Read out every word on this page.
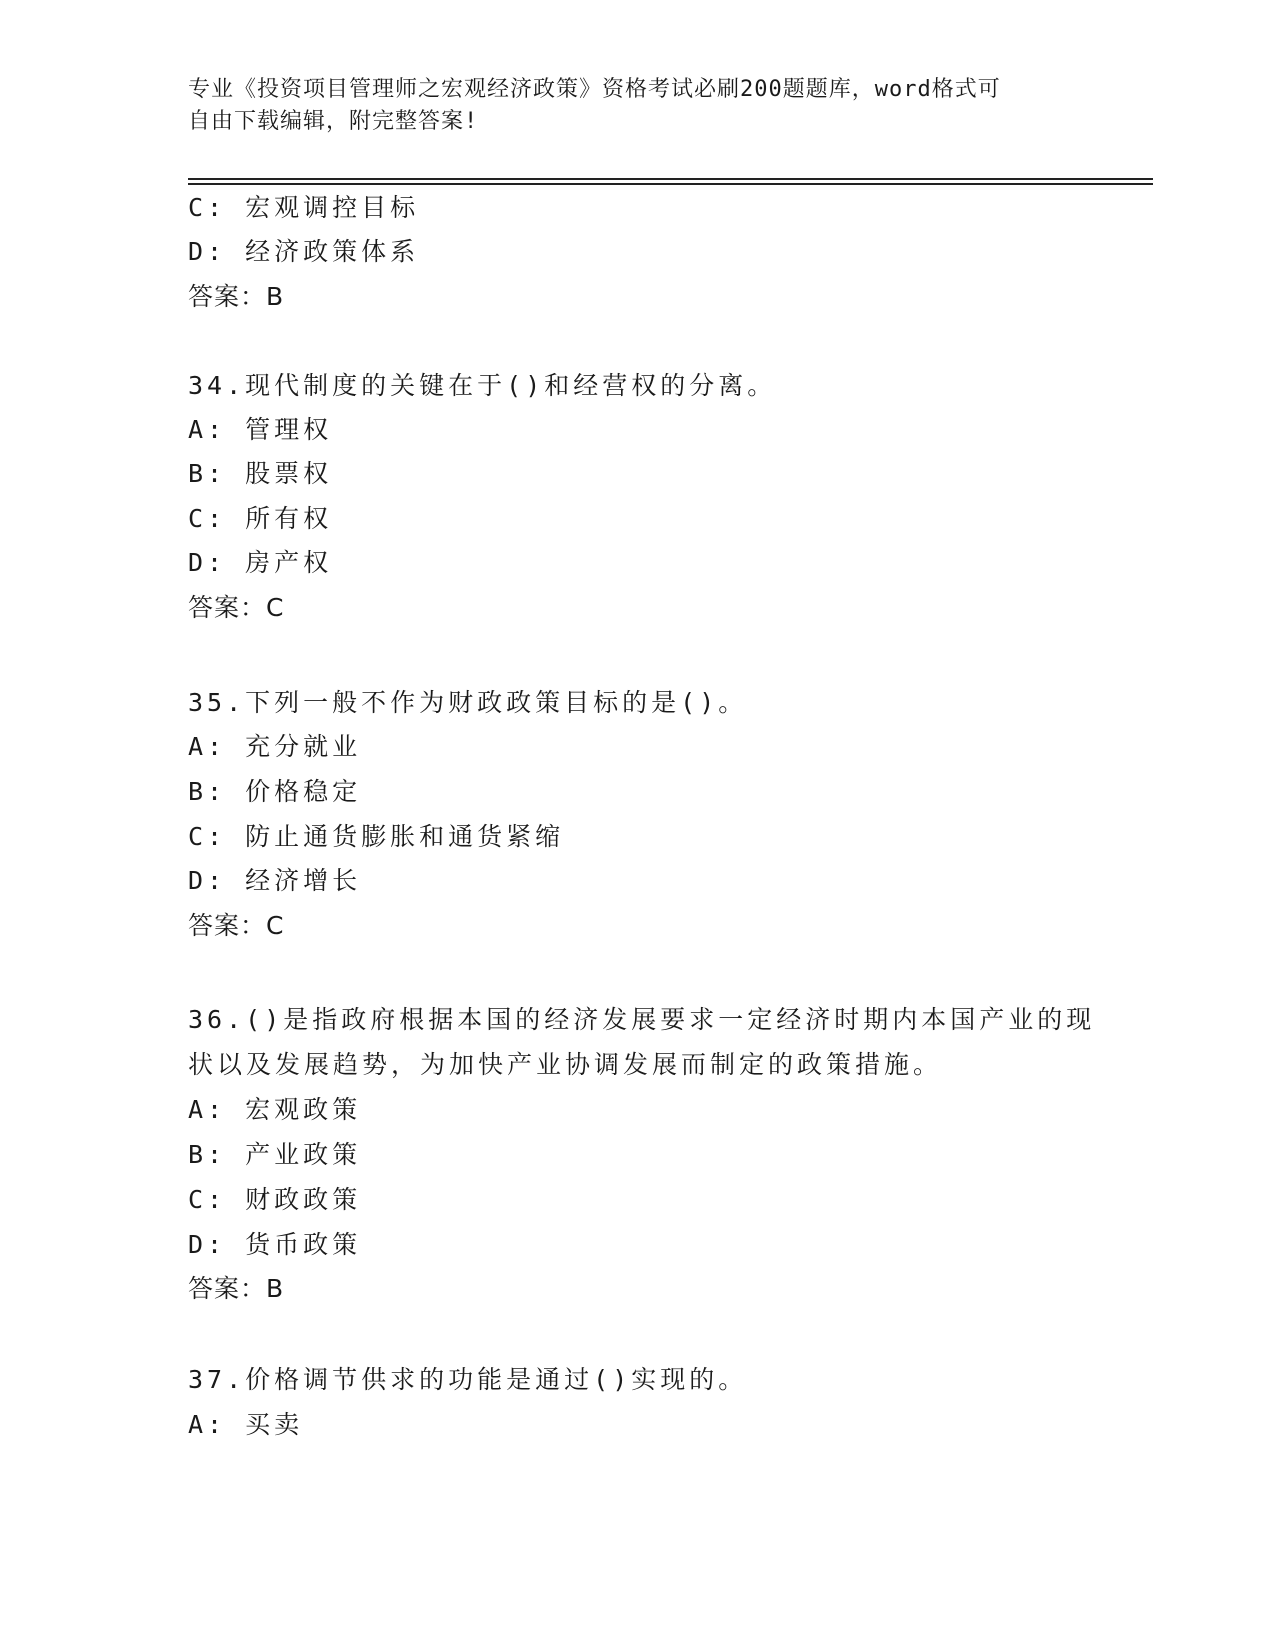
专业《投资项目管理师之宏观经济政策》资格考试必刷200题题库，word格式可
自由下载编辑，附完整答案!
C: 宏观调控目标
D: 经济政策体系
答案：B
34.现代制度的关键在于()和经营权的分离。
A: 管理权
B: 股票权
C: 所有权
D: 房产权
答案：C
35.下列一般不作为财政政策目标的是()。
A: 充分就业
B: 价格稳定
C: 防止通货膨胀和通货紧缩
D: 经济增长
答案：C
36.()是指政府根据本国的经济发展要求一定经济时期内本国产业的现
状以及发展趋势，为加快产业协调发展而制定的政策措施。
A: 宏观政策
B: 产业政策
C: 财政政策
D: 货币政策
答案：B
37.价格调节供求的功能是通过()实现的。
A: 买卖
